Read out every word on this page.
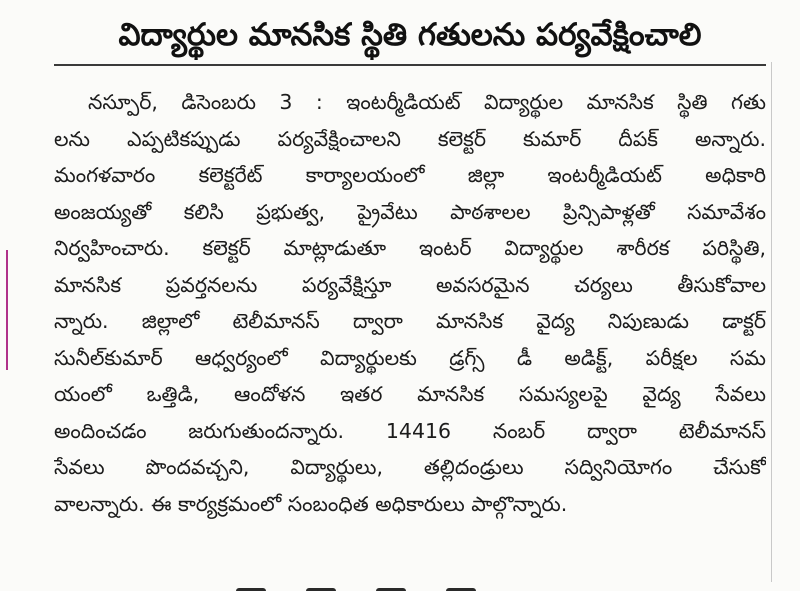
విద్యార్థుల మానసిక స్థితి గతులను పర్యవేక్షించాలి
నస్పూర్, డిసెంబరు 3 : ఇంటర్మీడియట్ విద్యార్థుల మానసిక స్థితి గతు
లను ఎప్పటికప్పుడు పర్యవేక్షించాలని కలెక్టర్ కుమార్ దీపక్ అన్నారు.
మంగళవారం కలెక్టరేట్ కార్యాలయంలో జిల్లా ఇంటర్మీడియట్ అధికారి
అంజయ్యతో కలిసి ప్రభుత్వ, ప్రైవేటు పాఠశాలల ప్రిన్సిపాళ్లతో సమావేశం
నిర్వహించారు. కలెక్టర్ మాట్లాడుతూ ఇంటర్ విద్యార్థుల శారీరక పరిస్థితి,
మానసిక ప్రవర్తనలను పర్యవేక్షిస్తూ అవసరమైన చర్యలు తీసుకోవాల
న్నారు. జిల్లాలో టెలీమానస్ ద్వారా మానసిక వైద్య నిపుణుడు డాక్టర్
సునీల్‌కుమార్ ఆధ్వర్యంలో విద్యార్థులకు డ్రగ్స్ డీ అడిక్ట్, పరీక్షల సమ
యంలో ఒత్తిడి, ఆందోళన ఇతర మానసిక సమస్యలపై వైద్య సేవలు
అందించడం జరుగుతుందన్నారు. 14416 నంబర్ ద్వారా టెలీమానస్
సేవలు పొందవచ్చని, విద్యార్థులు, తల్లిదండ్రులు సద్వినియోగం చేసుకో
వాలన్నారు. ఈ కార్యక్రమంలో సంబంధిత అధికారులు పాల్గొన్నారు.
